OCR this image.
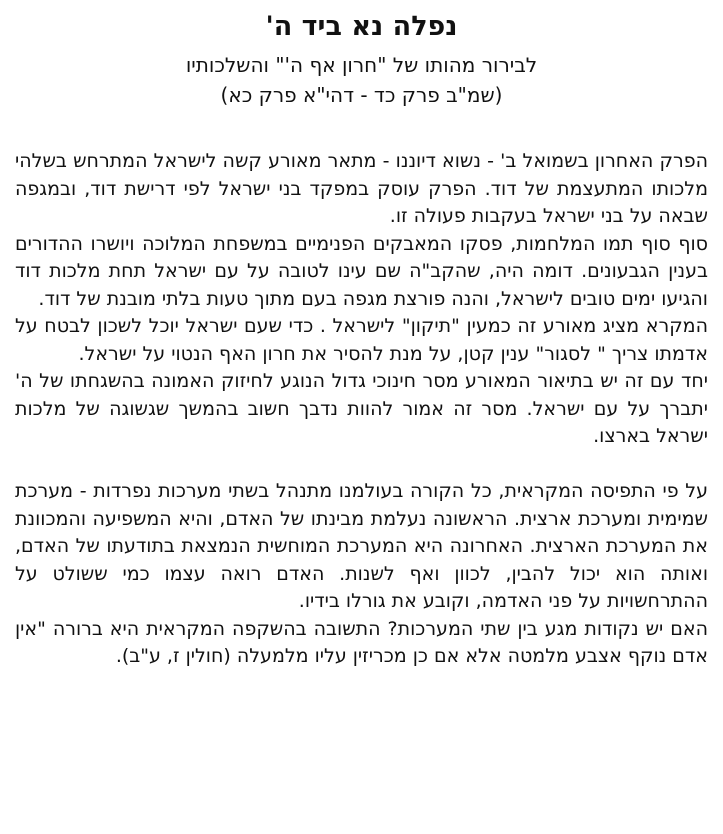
נפלה נא ביד ה'
לבירור מהותו של "חרון אף ה'" והשלכותיו
(שמ"ב פרק כד - דהי"א פרק כא)

הפרק האחרון בשמואל ב' - נשוא דיוננו - מתאר מאורע קשה לישראל המתרחש בשלהי מלכותו המתעצמת של דוד. הפרק עוסק במפקד בני ישראל לפי דרישת דוד, ובמגפה שבאה על בני ישראל בעקבות פעולה זו.

סוף סוף תמו המלחמות, פסקו המאבקים הפנימיים במשפחת המלוכה ויושרו ההדורים בענין הגבעונים. דומה היה, שהקב"ה שם עינו לטובה על עם ישראל תחת מלכות דוד והגיעו ימים טובים לישראל, והנה פורצת מגפה בעם מתוך טעות בלתי מובנת של דוד.

המקרא מציג מאורע זה כמעין "תיקון" לישראל . כדי שעם ישראל יוכל לשכון לבטח על אדמתו צריך " לסגור" ענין קטן, על מנת להסיר את חרון האף הנטוי על ישראל.

יחד עם זה יש בתיאור המאורע מסר חינוכי גדול הנוגע לחיזוק האמונה בהשגחתו של ה' יתברך על עם ישראל. מסר זה אמור להוות נדבך חשוב בהמשך שגשוגה של מלכות ישראל בארצו.

על פי התפיסה המקראית, כל הקורה בעולמנו מתנהל בשתי מערכות נפרדות - מערכת שמימית ומערכת ארצית. הראשונה נעלמת מבינתו של האדם, והיא המשפיעה והמכוונת את המערכת הארצית. האחרונה היא המערכת המוחשית הנמצאת בתודעתו של האדם, ואותה הוא יכול להבין, לכוון ואף לשנות. האדם רואה עצמו כמי ששולט על ההתרחשויות על פני האדמה, וקובע את גורלו בידיו.

האם יש נקודות מגע בין שתי המערכות? התשובה בהשקפה המקראית היא ברורה "אין אדם נוקף אצבע מלמטה אלא אם כן מכריזין עליו מלמעלה (חולין ז, ע"ב).
